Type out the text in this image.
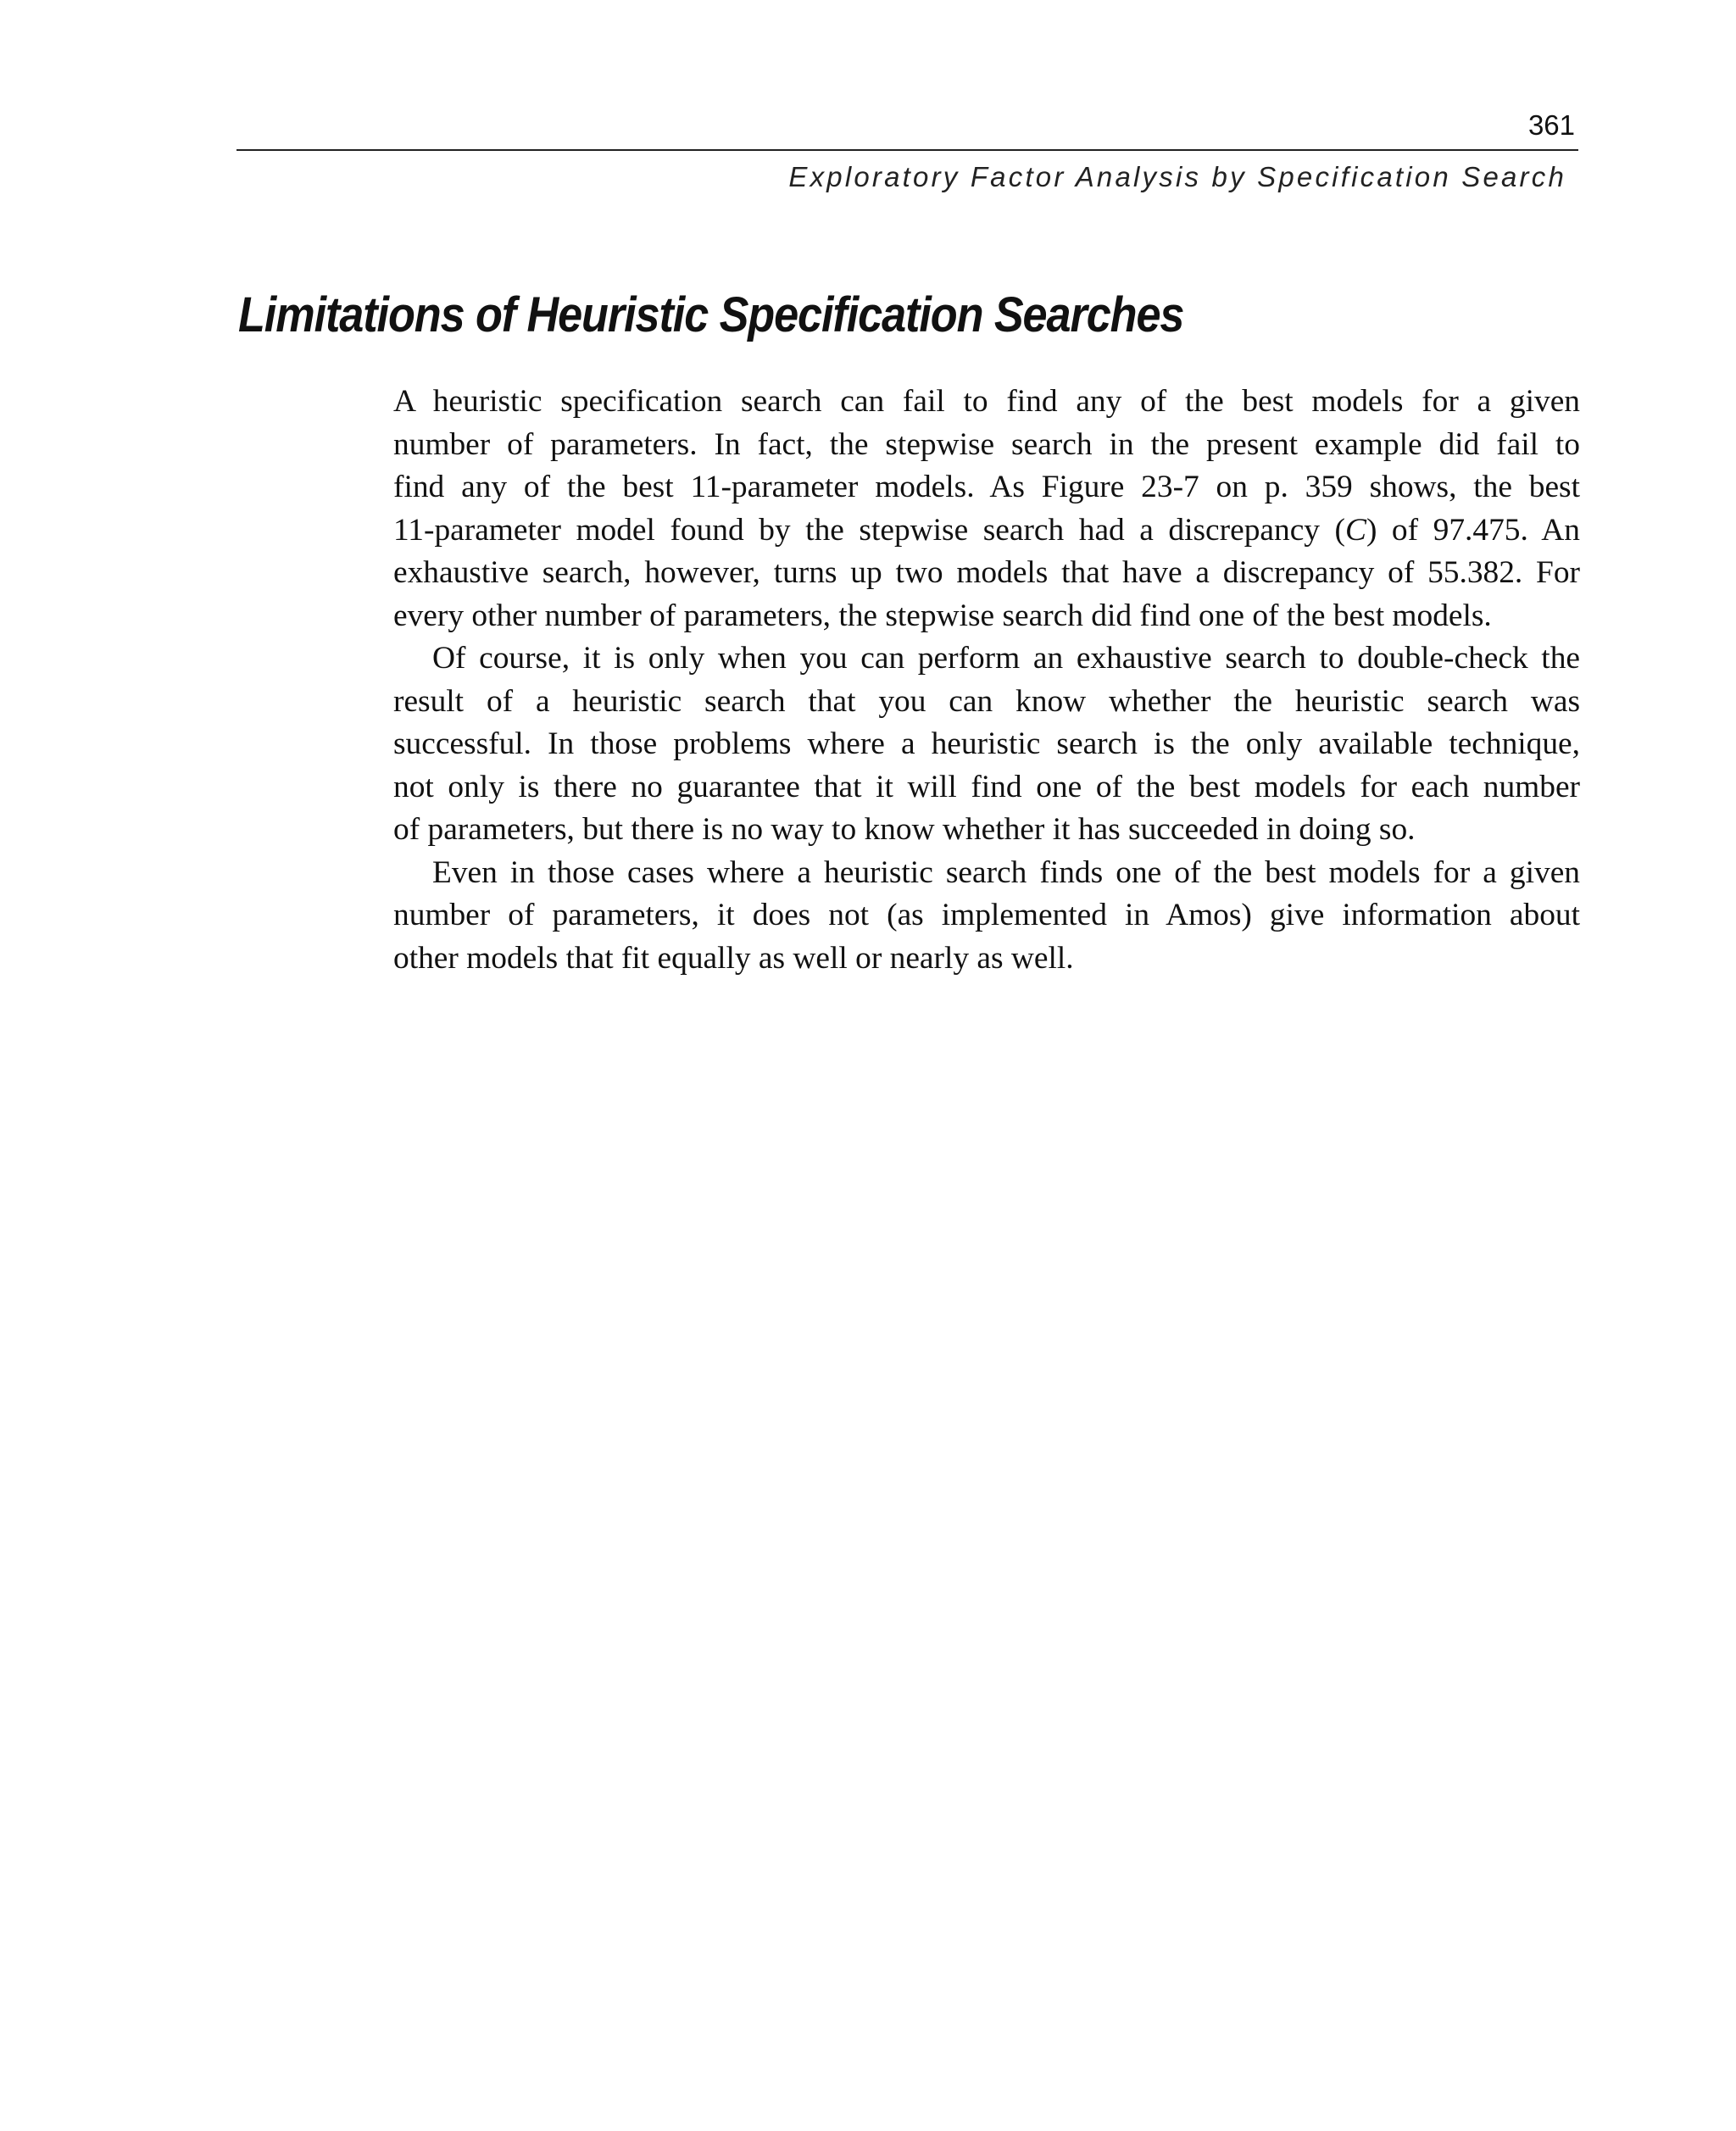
361
Exploratory Factor Analysis by Specification Search
Limitations of Heuristic Specification Searches
A heuristic specification search can fail to find any of the best models for a given
number of parameters. In fact, the stepwise search in the present example did fail to
find any of the best 11-parameter models. As Figure 23-7 on p. 359 shows, the best
11-parameter model found by the stepwise search had a discrepancy (C) of 97.475. An
exhaustive search, however, turns up two models that have a discrepancy of 55.382. For
every other number of parameters, the stepwise search did find one of the best models.
Of course, it is only when you can perform an exhaustive search to double-check the
result of a heuristic search that you can know whether the heuristic search was
successful. In those problems where a heuristic search is the only available technique,
not only is there no guarantee that it will find one of the best models for each number
of parameters, but there is no way to know whether it has succeeded in doing so.
Even in those cases where a heuristic search finds one of the best models for a given
number of parameters, it does not (as implemented in Amos) give information about
other models that fit equally as well or nearly as well.
